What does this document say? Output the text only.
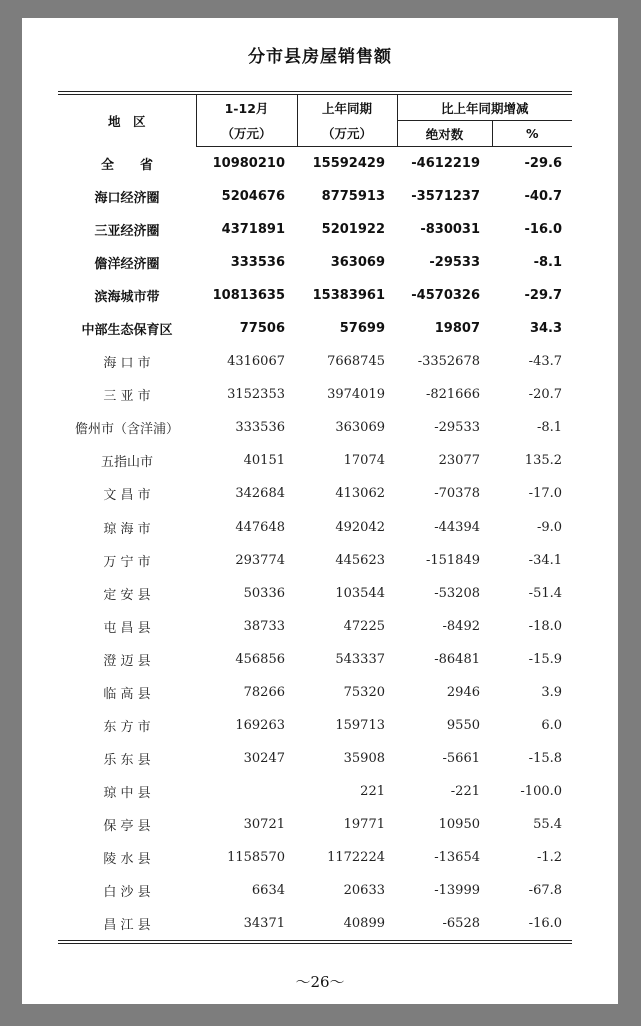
分市县房屋销售额
地　区	1-12月	上年同期	比上年同期增减	
	（万元）	（万元）	绝对数	%
全　　省	10980210	15592429	-4612219	-29.6
海口经济圈	5204676	8775913	-3571237	-40.7
三亚经济圈	4371891	5201922	-830031	-16.0
儋洋经济圈	333536	363069	-29533	-8.1
滨海城市带	10813635	15383961	-4570326	-29.7
中部生态保育区	77506	57699	19807	34.3
海 口 市	4316067	7668745	-3352678	-43.7
三 亚 市	3152353	3974019	-821666	-20.7
儋州市（含洋浦）	333536	363069	-29533	-8.1
五指山市	40151	17074	23077	135.2
文 昌 市	342684	413062	-70378	-17.0
琼 海 市	447648	492042	-44394	-9.0
万 宁 市	293774	445623	-151849	-34.1
定 安 县	50336	103544	-53208	-51.4
屯 昌 县	38733	47225	-8492	-18.0
澄 迈 县	456856	543337	-86481	-15.9
临 高 县	78266	75320	2946	3.9
东 方 市	169263	159713	9550	6.0
乐 东 县	30247	35908	-5661	-15.8
琼 中 县		221	-221	-100.0
保 亭 县	30721	19771	10950	55.4
陵 水 县	1158570	1172224	-13654	-1.2
白 沙 县	6634	20633	-13999	-67.8
昌 江 县	34371	40899	-6528	-16.0
～26～
